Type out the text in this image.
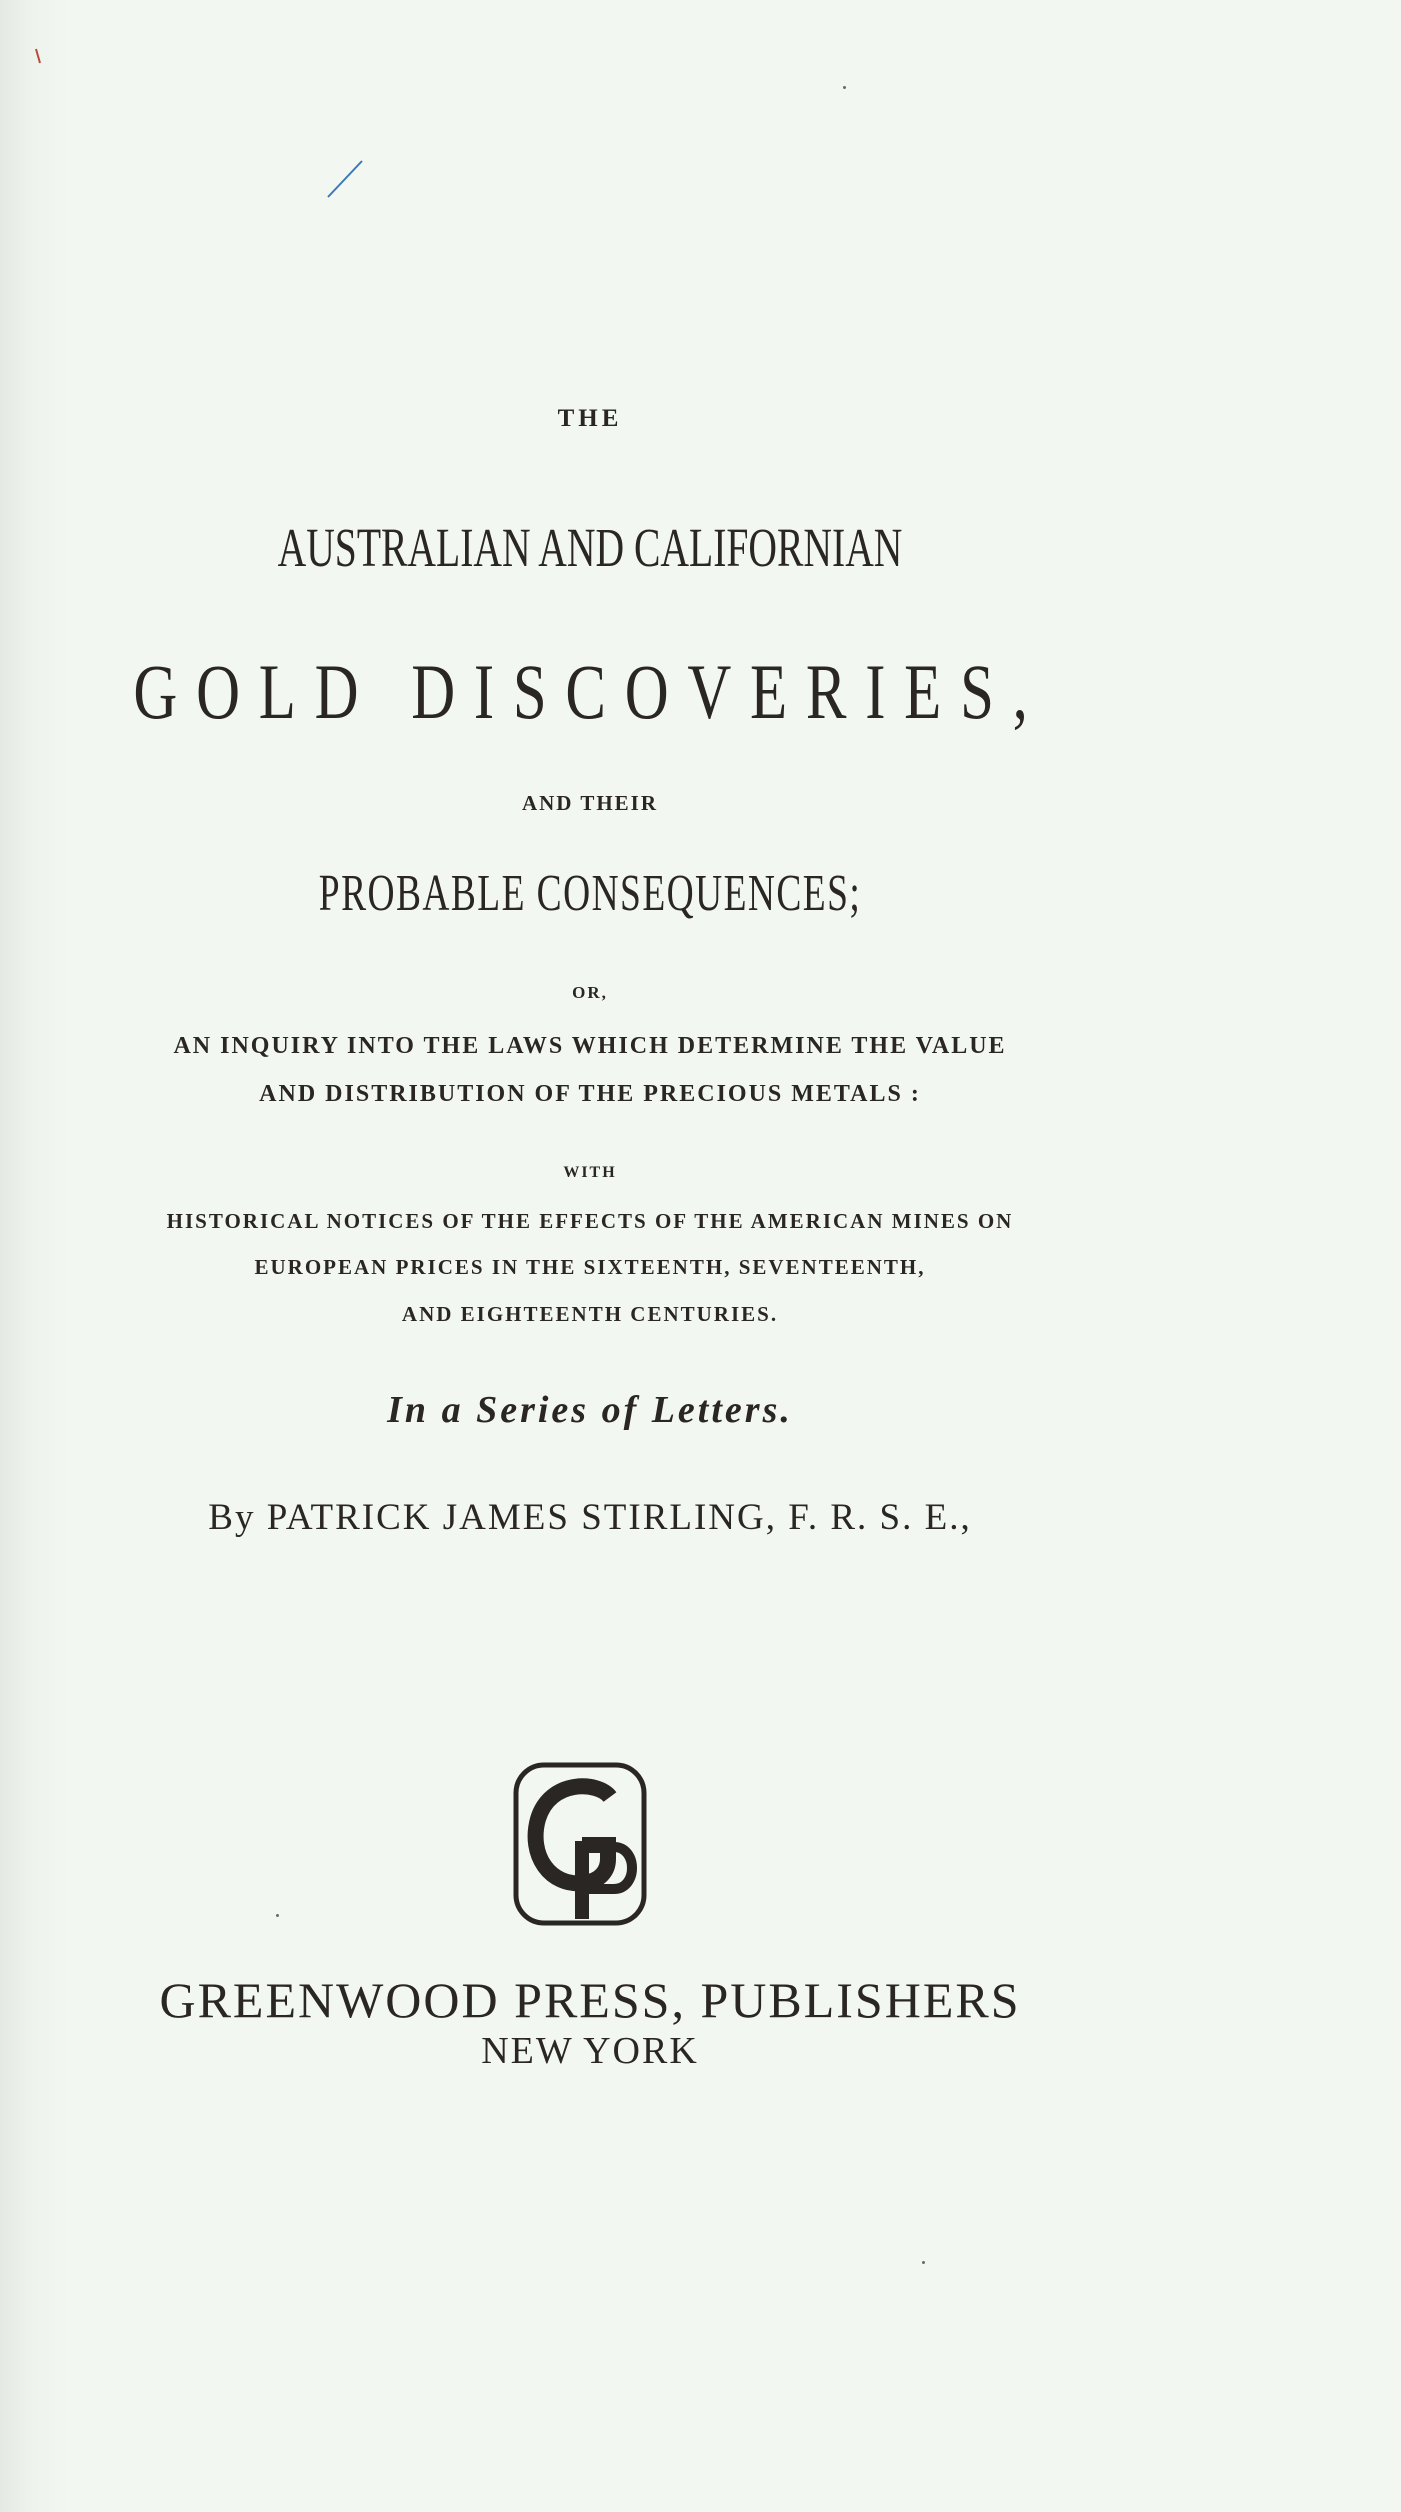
THE
AUSTRALIAN AND CALIFORNIAN
GOLD DISCOVERIES,
AND THEIR
PROBABLE CONSEQUENCES;
OR,
AN INQUIRY INTO THE LAWS WHICH DETERMINE THE VALUE
AND DISTRIBUTION OF THE PRECIOUS METALS :
WITH
HISTORICAL NOTICES OF THE EFFECTS OF THE AMERICAN MINES ON
EUROPEAN PRICES IN THE SIXTEENTH, SEVENTEENTH,
AND EIGHTEENTH CENTURIES.
In a Series of Letters.
By PATRICK JAMES STIRLING, F. R. S. E.,
GREENWOOD PRESS, PUBLISHERS
NEW YORK
